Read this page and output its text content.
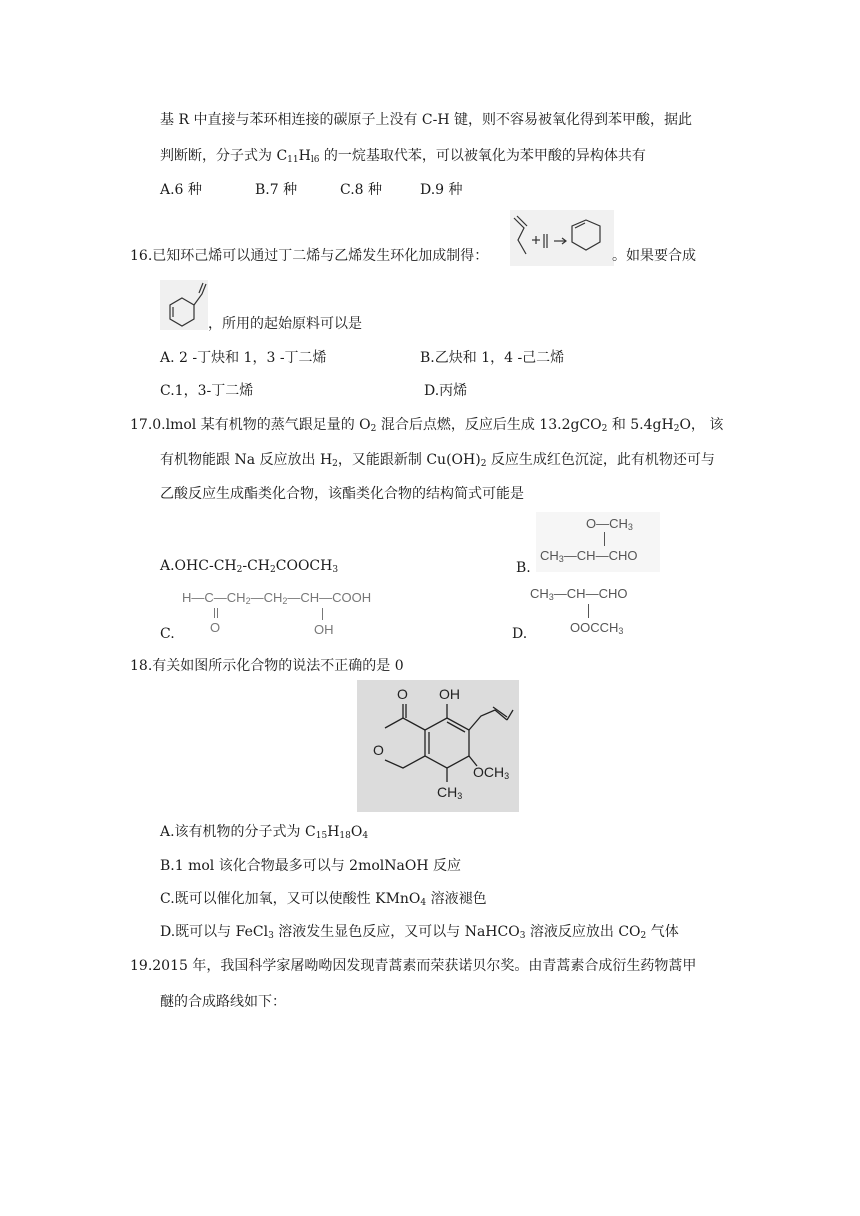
基 R 中直接与苯环相连接的碳原子上没有 C-H 键，则不容易被氧化得到苯甲酸，据此
判断断，分子式为 $C_{11}H_{l6}$ 的一烷基取代苯，可以被氧化为苯甲酸的异构体共有
A.6 种	B.7 种	C.8 种	D.9 种
16.已知环己烯可以通过丁二烯与乙烯发生环化加成制得：	。如果要合成
，所用的起始原料可以是
A. 2 -丁炔和 1，3 -丁二烯	B.乙炔和 1，4 -己二烯
C.1，3-丁二烯	D.丙烯
17.0.lmol 某有机物的蒸气跟足量的 $O_2$ 混合后点燃，反应后生成 13.2gCO$_2$ 和 $5.4gH_2O$， 该
有机物能跟 Na 反应放出 $H_2$，又能跟新制 $Cu(OH)_2$ 反应生成红色沉淀，此有机物还可与
乙酸反应生成酯类化合物，该酯类化合物的结构简式可能是
$A.OHC-CH_2-CH_2COOCH_3$	B.
$O—CH_3$
$CH_3—CH—CHO$
C.
$H—C—CH_2—CH_2—CH—COOH$
O	OH	D.
$CH_3—CH—CHO$
$OOCCH_3$
18.有关如图所示化合物的说法不正确的是 0
O OH
O
$OCH_3$
$CH_3$
A.该有机物的分子式为 $C_{15}H_{18}O_4$
B.1 mol 该化合物最多可以与 2molNaOH 反应
C.既可以催化加氧，又可以使酸性 KMnO$_4$ 溶液褪色
D.既可以与 FeCl$_3$ 溶液发生显色反应，又可以与 NaHCO$_3$ 溶液反应放出 $CO_2$ 气体
19.2015 年，我国科学家屠呦呦因发现青蒿素而荣获诺贝尔奖。由青蒿素合成衍生药物蒿甲
醚的合成路线如下：
